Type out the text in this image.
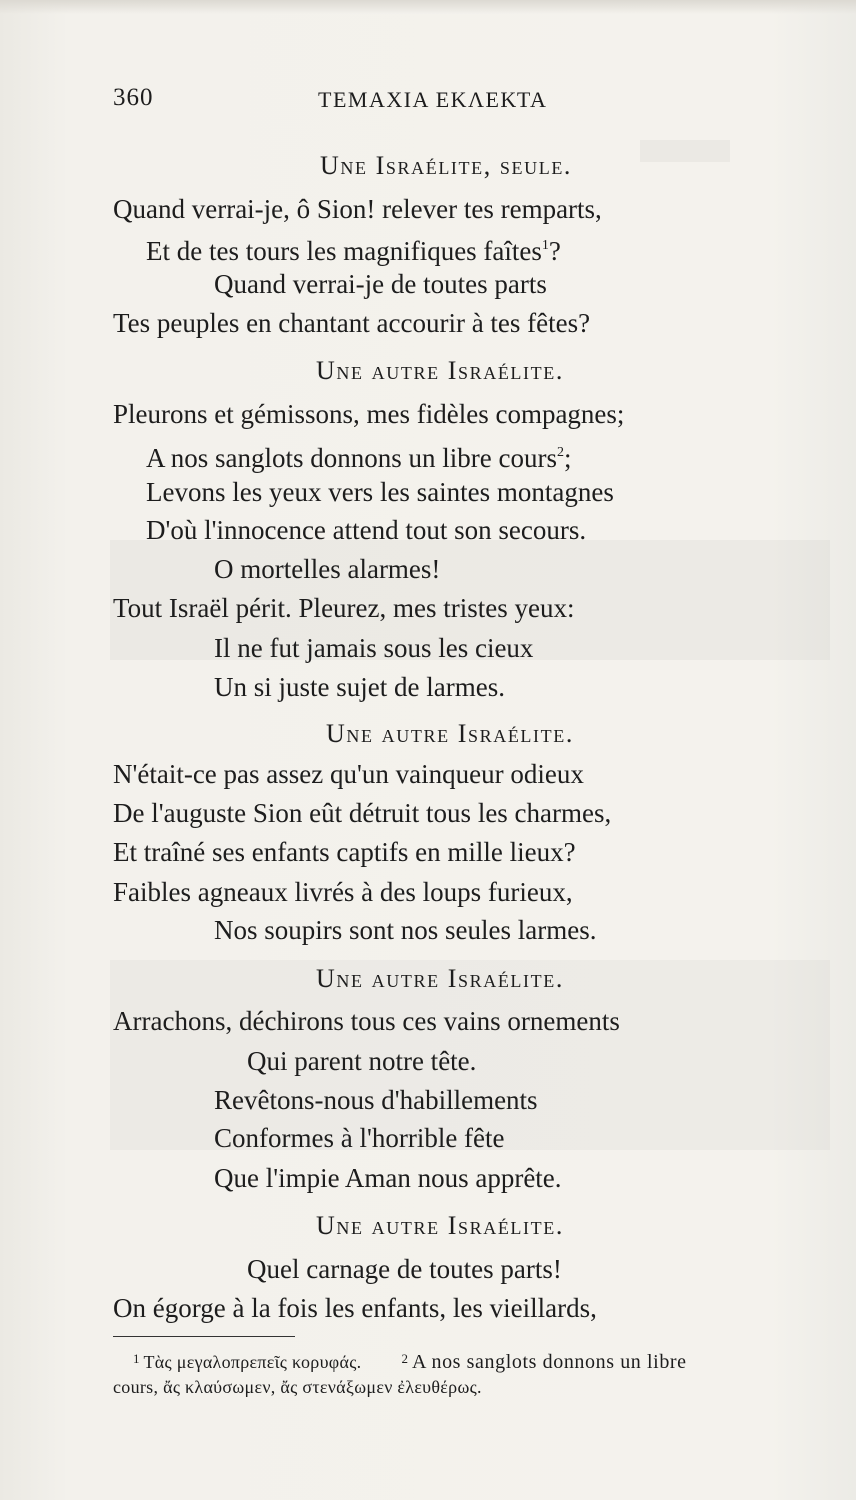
360	ΤΕΜΑΧΙΑ ΕΚΛΕΚΤΑ
Une Israélite, seule.
Quand verrai-je, ô Sion! relever tes remparts,
Et de tes tours les magnifiques faîtes$^1$?
Quand verrai-je de toutes parts
Tes peuples en chantant accourir à tes fêtes?
Une autre Israélite.
Pleurons et gémissons, mes fidèles compagnes;
A nos sanglots donnons un libre cours$^2$;
Levons les yeux vers les saintes montagnes
D'où l'innocence attend tout son secours.
O mortelles alarmes!
Tout Israël périt. Pleurez, mes tristes yeux:
Il ne fut jamais sous les cieux
Un si juste sujet de larmes.
Une autre Israélite.
N'était-ce pas assez qu'un vainqueur odieux
De l'auguste Sion eût détruit tous les charmes,
Et traîné ses enfants captifs en mille lieux?
Faibles agneaux livrés à des loups furieux,
Nos soupirs sont nos seules larmes.
Une autre Israélite.
Arrachons, déchirons tous ces vains ornements
Qui parent notre tête.
Revêtons-nous d'habillements
Conformes à l'horrible fête
Que l'impie Aman nous apprête.
Une autre Israélite.
Quel carnage de toutes parts!
On égorge à la fois les enfants, les vieillards,
$^1$ Τὰς μεγαλοπρεπεῖς κορυφάς.	$^2$ A nos sanglots donnons un libre
cours, ἄς κλαύσωμεν, ἄς στενάξωμεν ἐλευθέρως.
